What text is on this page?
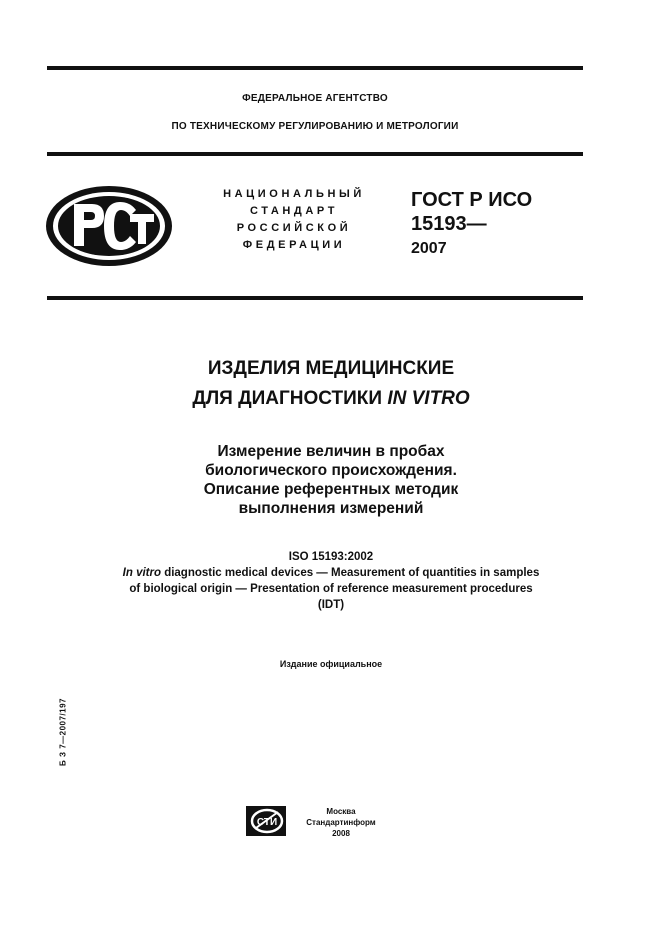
ФЕДЕРАЛЬНОЕ АГЕНТСТВО
ПО ТЕХНИЧЕСКОМУ РЕГУЛИРОВАНИЮ И МЕТРОЛОГИИ
НАЦИОНАЛЬНЫЙ
СТАНДАРТ
РОССИЙСКОЙ
ФЕДЕРАЦИИ
ГОСТ Р ИСО
15193—
2007
ИЗДЕЛИЯ МЕДИЦИНСКИЕ
ДЛЯ ДИАГНОСТИКИ IN VITRO
Измерение величин в пробах
биологического происхождения.
Описание референтных методик
выполнения измерений
ISO 15193:2002
In vitro diagnostic medical devices — Measurement of quantities in samples
of biological origin — Presentation of reference measurement procedures
(IDT)
Издание официальное
Б З 7—2007/197
СТИ
Москва
Стандартинформ
2008
